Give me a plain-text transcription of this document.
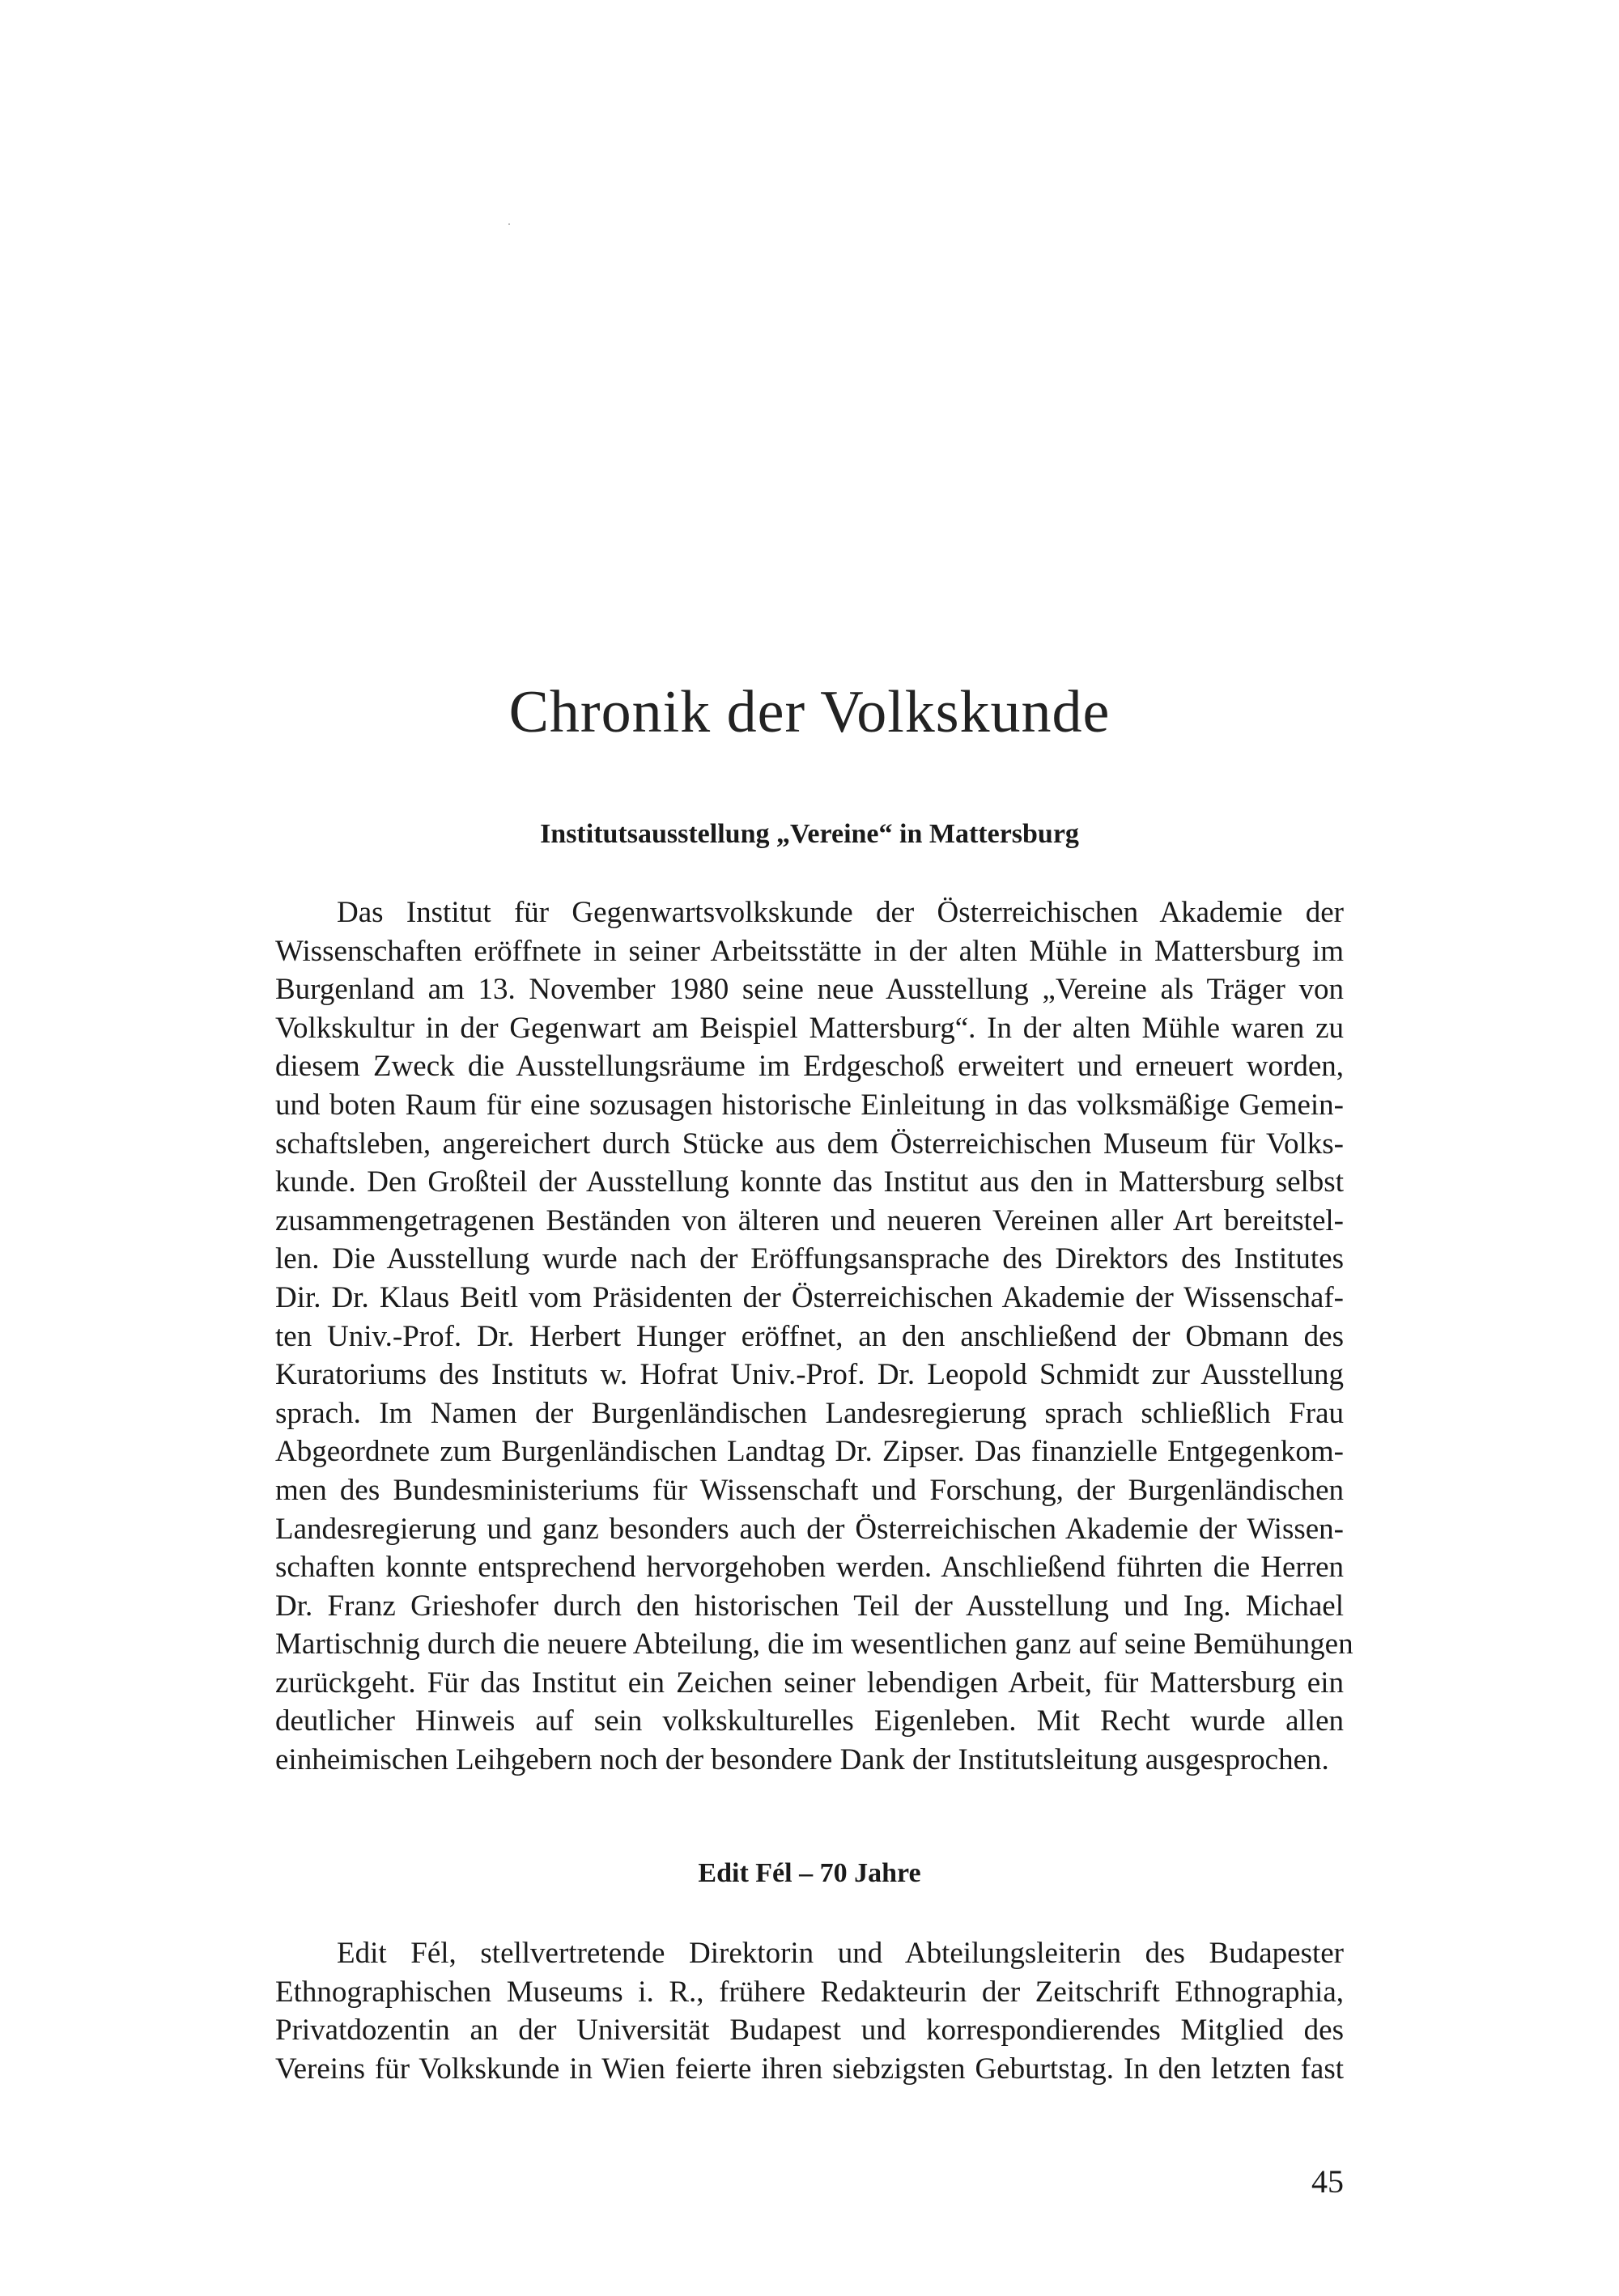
Chronik der Volkskunde
Institutsausstellung „Vereine“ in Mattersburg
Das Institut für Gegenwartsvolkskunde der Österreichischen Akademie der
Wissenschaften eröffnete in seiner Arbeitsstätte in der alten Mühle in Mattersburg im
Burgenland am 13. November 1980 seine neue Ausstellung „Vereine als Träger von
Volkskultur in der Gegenwart am Beispiel Mattersburg“. In der alten Mühle waren zu
diesem Zweck die Ausstellungsräume im Erdgeschoß erweitert und erneuert worden,
und boten Raum für eine sozusagen historische Einleitung in das volksmäßige Gemein-
schaftsleben, angereichert durch Stücke aus dem Österreichischen Museum für Volks-
kunde. Den Großteil der Ausstellung konnte das Institut aus den in Mattersburg selbst
zusammengetragenen Beständen von älteren und neueren Vereinen aller Art bereitstel-
len. Die Ausstellung wurde nach der Eröffungsansprache des Direktors des Institutes
Dir. Dr. Klaus Beitl vom Präsidenten der Österreichischen Akademie der Wissenschaf-
ten Univ.-Prof. Dr. Herbert Hunger eröffnet, an den anschließend der Obmann des
Kuratoriums des Instituts w. Hofrat Univ.-Prof. Dr. Leopold Schmidt zur Ausstellung
sprach. Im Namen der Burgenländischen Landesregierung sprach schließlich Frau
Abgeordnete zum Burgenländischen Landtag Dr. Zipser. Das finanzielle Entgegenkom-
men des Bundesministeriums für Wissenschaft und Forschung, der Burgenländischen
Landesregierung und ganz besonders auch der Österreichischen Akademie der Wissen-
schaften konnte entsprechend hervorgehoben werden. Anschließend führten die Herren
Dr. Franz Grieshofer durch den historischen Teil der Ausstellung und Ing. Michael
Martischnig durch die neuere Abteilung, die im wesentlichen ganz auf seine Bemühungen
zurückgeht. Für das Institut ein Zeichen seiner lebendigen Arbeit, für Mattersburg ein
deutlicher Hinweis auf sein volkskulturelles Eigenleben. Mit Recht wurde allen
einheimischen Leihgebern noch der besondere Dank der Institutsleitung ausgesprochen.
Edit Fél – 70 Jahre
Edit Fél, stellvertretende Direktorin und Abteilungsleiterin des Budapester
Ethnographischen Museums i. R., frühere Redakteurin der Zeitschrift Ethnographia,
Privatdozentin an der Universität Budapest und korrespondierendes Mitglied des
Vereins für Volkskunde in Wien feierte ihren siebzigsten Geburtstag. In den letzten fast
45
